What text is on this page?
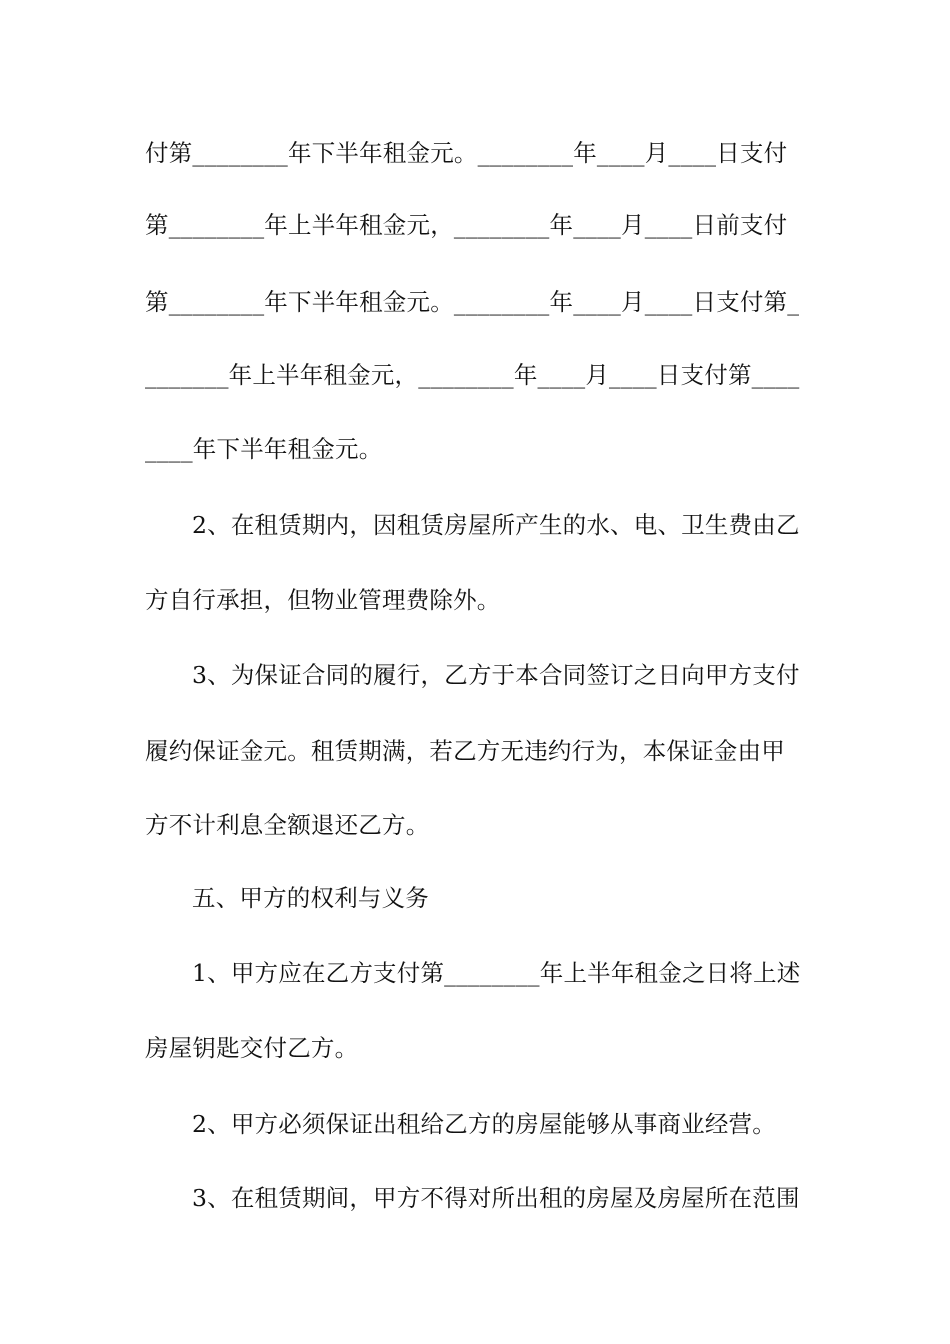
付第________年下半年租金元。________年____月____日支付
第________年上半年租金元，________年____月____日前支付
第________年下半年租金元。________年____月____日支付第_
_______年上半年租金元，________年____月____日支付第____
____年下半年租金元。
2、在租赁期内，因租赁房屋所产生的水、电、卫生费由乙
方自行承担，但物业管理费除外。
3、为保证合同的履行，乙方于本合同签订之日向甲方支付
履约保证金元。租赁期满，若乙方无违约行为，本保证金由甲
方不计利息全额退还乙方。
五、甲方的权利与义务
1、甲方应在乙方支付第________年上半年租金之日将上述
房屋钥匙交付乙方。
2、甲方必须保证出租给乙方的房屋能够从事商业经营。
3、在租赁期间，甲方不得对所出租的房屋及房屋所在范围
